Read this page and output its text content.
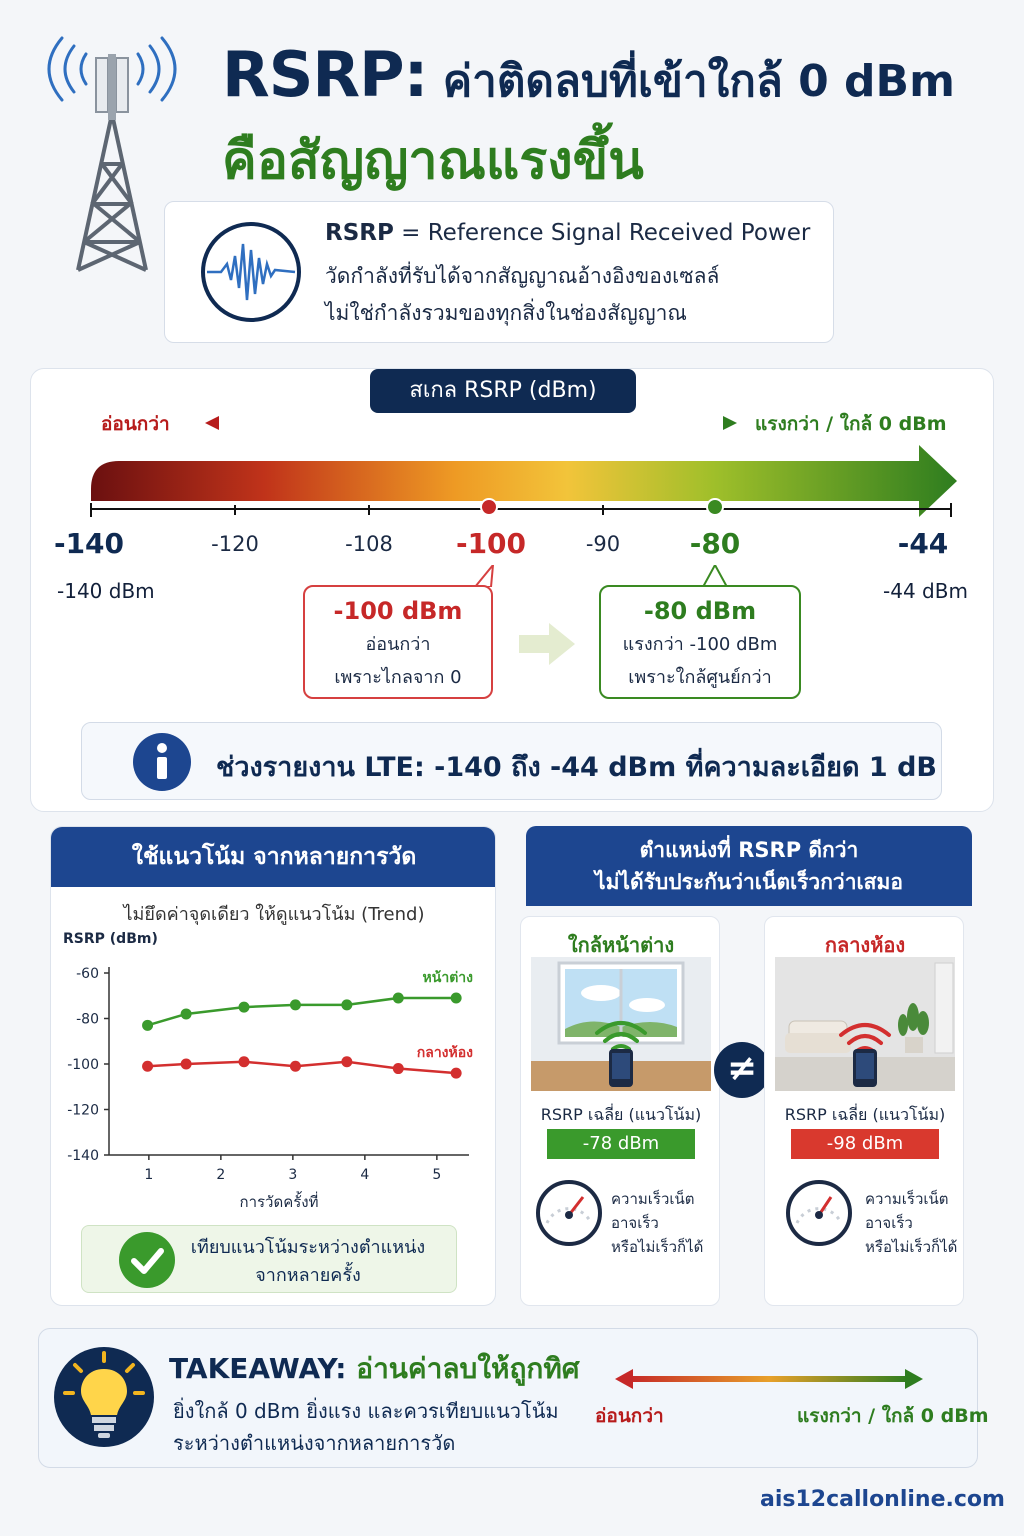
RSRP: ค่าติดลบที่เข้าใกล้ 0 dBm
คือสัญญาณแรงขึ้น
RSRP = Reference Signal Received Power
วัดกำลังที่รับได้จากสัญญาณอ้างอิงของเซลล์
ไม่ใช่กำลังรวมของทุกสิ่งในช่องสัญญาณ
สเกล RSRP (dBm)
อ่อนกว่า	แรงกว่า / ใกล้ 0 dBm
-140	-120	-108	-100	-90	-80	-44
-140 dBm	-44 dBm
-100 dBm
อ่อนกว่า
เพราะไกลจาก 0
-80 dBm
แรงกว่า -100 dBm
เพราะใกล้ศูนย์กว่า
ช่วงรายงาน LTE: -140 ถึง -44 dBm ที่ความละเอียด 1 dB
ใช้แนวโน้ม จากหลายการวัด
ไม่ยึดค่าจุดเดียว ให้ดูแนวโน้ม (Trend)
RSRP (dBm)
-60
-80
-100
-120
-140
1	2	3	4	5
การวัดครั้งที่
หน้าต่าง
กลางห้อง
เทียบแนวโน้มระหว่างตำแหน่ง
จากหลายครั้ง
ตำแหน่งที่ RSRP ดีกว่า
ไม่ได้รับประกันว่าเน็ตเร็วกว่าเสมอ
ใกล้หน้าต่าง
RSRP เฉลี่ย (แนวโน้ม)
-78 dBm
ความเร็วเน็ต
อาจเร็ว
หรือไม่เร็วก็ได้
≠
กลางห้อง
RSRP เฉลี่ย (แนวโน้ม)
-98 dBm
ความเร็วเน็ต
อาจเร็ว
หรือไม่เร็วก็ได้
TAKEAWAY: อ่านค่าลบให้ถูกทิศ
ยิ่งใกล้ 0 dBm ยิ่งแรง และควรเทียบแนวโน้ม
ระหว่างตำแหน่งจากหลายการวัด
อ่อนกว่า	แรงกว่า / ใกล้ 0 dBm
ais12callonline.com
